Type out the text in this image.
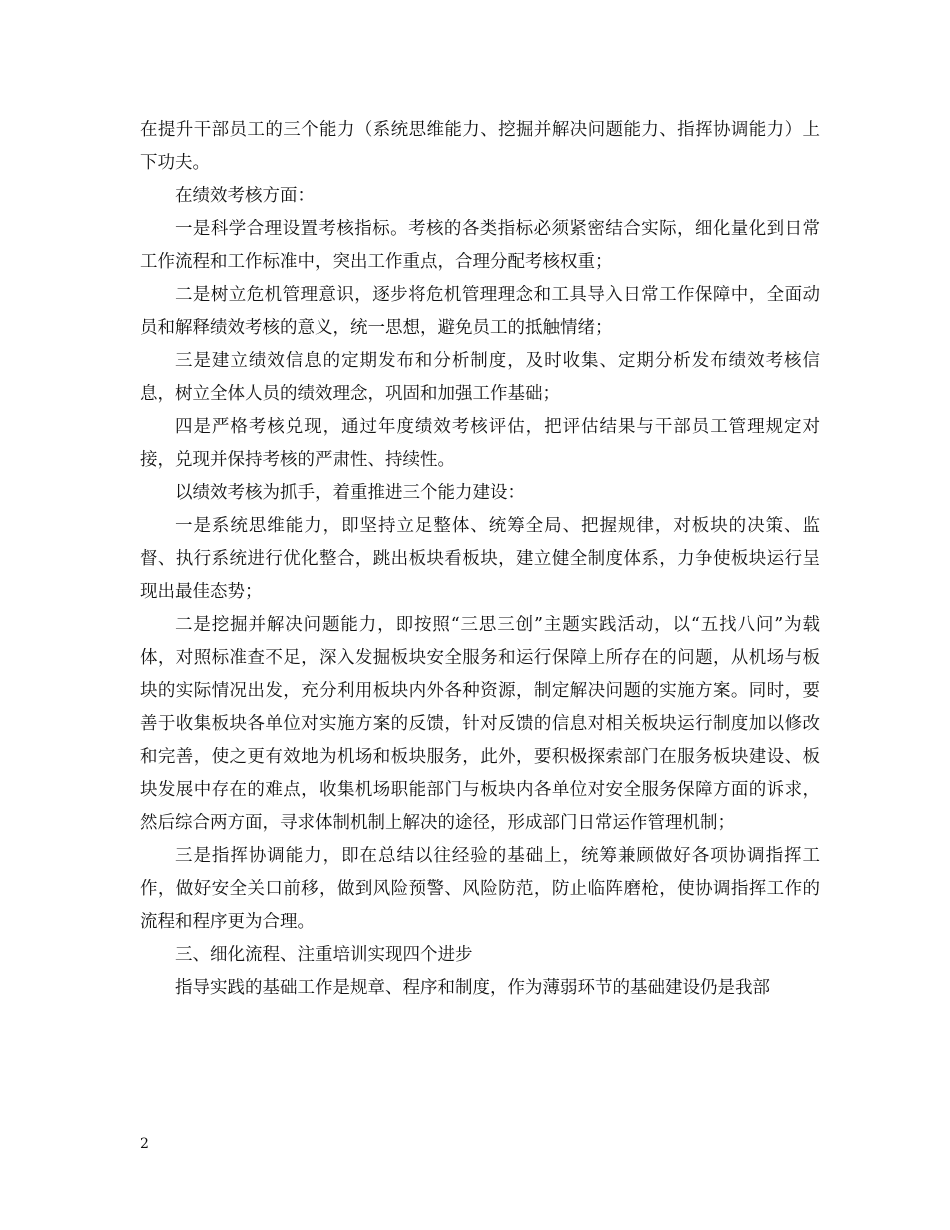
在提升干部员工的三个能力（系统思维能力、挖掘并解决问题能力、指挥协调能力）上下功夫。

在绩效考核方面：

一是科学合理设置考核指标。考核的各类指标必须紧密结合实际，细化量化到日常工作流程和工作标准中，突出工作重点，合理分配考核权重；

二是树立危机管理意识，逐步将危机管理理念和工具导入日常工作保障中，全面动员和解释绩效考核的意义，统一思想，避免员工的抵触情绪；

三是建立绩效信息的定期发布和分析制度，及时收集、定期分析发布绩效考核信息，树立全体人员的绩效理念，巩固和加强工作基础；

四是严格考核兑现，通过年度绩效考核评估，把评估结果与干部员工管理规定对接，兑现并保持考核的严肃性、持续性。

以绩效考核为抓手，着重推进三个能力建设：

一是系统思维能力，即坚持立足整体、统筹全局、把握规律，对板块的决策、监督、执行系统进行优化整合，跳出板块看板块，建立健全制度体系，力争使板块运行呈现出最佳态势；

二是挖掘并解决问题能力，即按照“三思三创”主题实践活动，以“五找八问”为载体，对照标准查不足，深入发掘板块安全服务和运行保障上所存在的问题，从机场与板块的实际情况出发，充分利用板块内外各种资源，制定解决问题的实施方案。同时，要善于收集板块各单位对实施方案的反馈，针对反馈的信息对相关板块运行制度加以修改和完善，使之更有效地为机场和板块服务，此外，要积极探索部门在服务板块建设、板块发展中存在的难点，收集机场职能部门与板块内各单位对安全服务保障方面的诉求，然后综合两方面，寻求体制机制上解决的途径，形成部门日常运作管理机制；

三是指挥协调能力，即在总结以往经验的基础上，统筹兼顾做好各项协调指挥工作，做好安全关口前移，做到风险预警、风险防范，防止临阵磨枪，使协调指挥工作的流程和程序更为合理。

三、细化流程、注重培训实现四个进步

指导实践的基础工作是规章、程序和制度，作为薄弱环节的基础建设仍是我部

2
